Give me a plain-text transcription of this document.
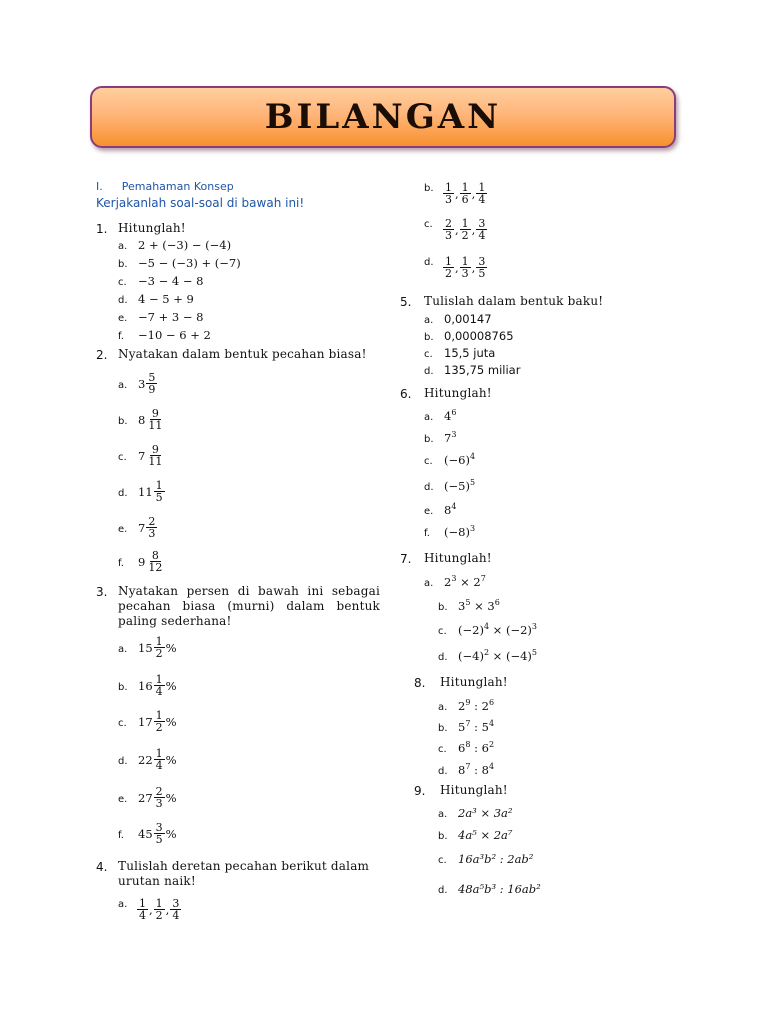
BILANGAN
I. Pemahaman Konsep
Kerjakanlah soal-soal di bawah ini!
1. Hitunglah!
a. 2 + (−3) − (−4)
b. −5 − (−3) + (−7)
c. −3 − 4 − 8
d. 4 − 5 + 9
e. −7 + 3 − 8
f. −10 − 6 + 2
2. Nyatakan dalam bentuk pecahan biasa!
a. $3 \frac{5}{9}$
b. $8 \frac{9}{11}$
c. $7 \frac{9}{11}$
d. $11 \frac{1}{5}$
e. $7 \frac{2}{3}$
f. $9 \frac{8}{12}$
3. Nyatakan persen di bawah ini sebagai pecahan biasa (murni) dalam bentuk paling sederhana!
a. $15 \frac{1}{2}$ %
b. $16 \frac{1}{4}$ %
c. $17 \frac{1}{2}$ %
d. $22 \frac{1}{4}$ %
e. $27 \frac{2}{3}$ %
f. $45 \frac{3}{5}$ %
4. Tulislah deretan pecahan berikut dalam urutan naik!
a. $\frac{1}{4}$ , $\frac{1}{2}$ , $\frac{3}{4}$
b. $\frac{1}{3}$ , $\frac{1}{6}$ , $\frac{1}{4}$
c. $\frac{2}{3}$ , $\frac{1}{2}$ , $\frac{3}{4}$
d. $\frac{1}{2}$ , $\frac{1}{3}$ , $\frac{3}{5}$
5. Tulislah dalam bentuk baku!
a. 0,00147
b. 0,00008765
c. 15,5 juta
d. 135,75 miliar
6. Hitunglah!
a. $4^6$
b. $7^3$
c. $(-6)^4$
d. $(-5)^5$
e. $8^4$
f. $(-8)^3$
7. Hitunglah!
a. $2^3 \times 2^7$
b. $3^5 \times 3^6$
c. $(-2)^4 \times (-2)^3$
d. $(-4)^2 \times (-4)^5$
8. Hitunglah!
a. $2^9$ : $2^6$
b. $5^7$ : $5^4$
c. $6^8$ : $6^2$
d. $8^7$ : $8^4$
9. Hitunglah!
a. 2a³ × 3a²
b. 4a⁵ × 2a⁷
c. 16a³b² : 2ab²
d. 48a⁵b³ : 16ab²
